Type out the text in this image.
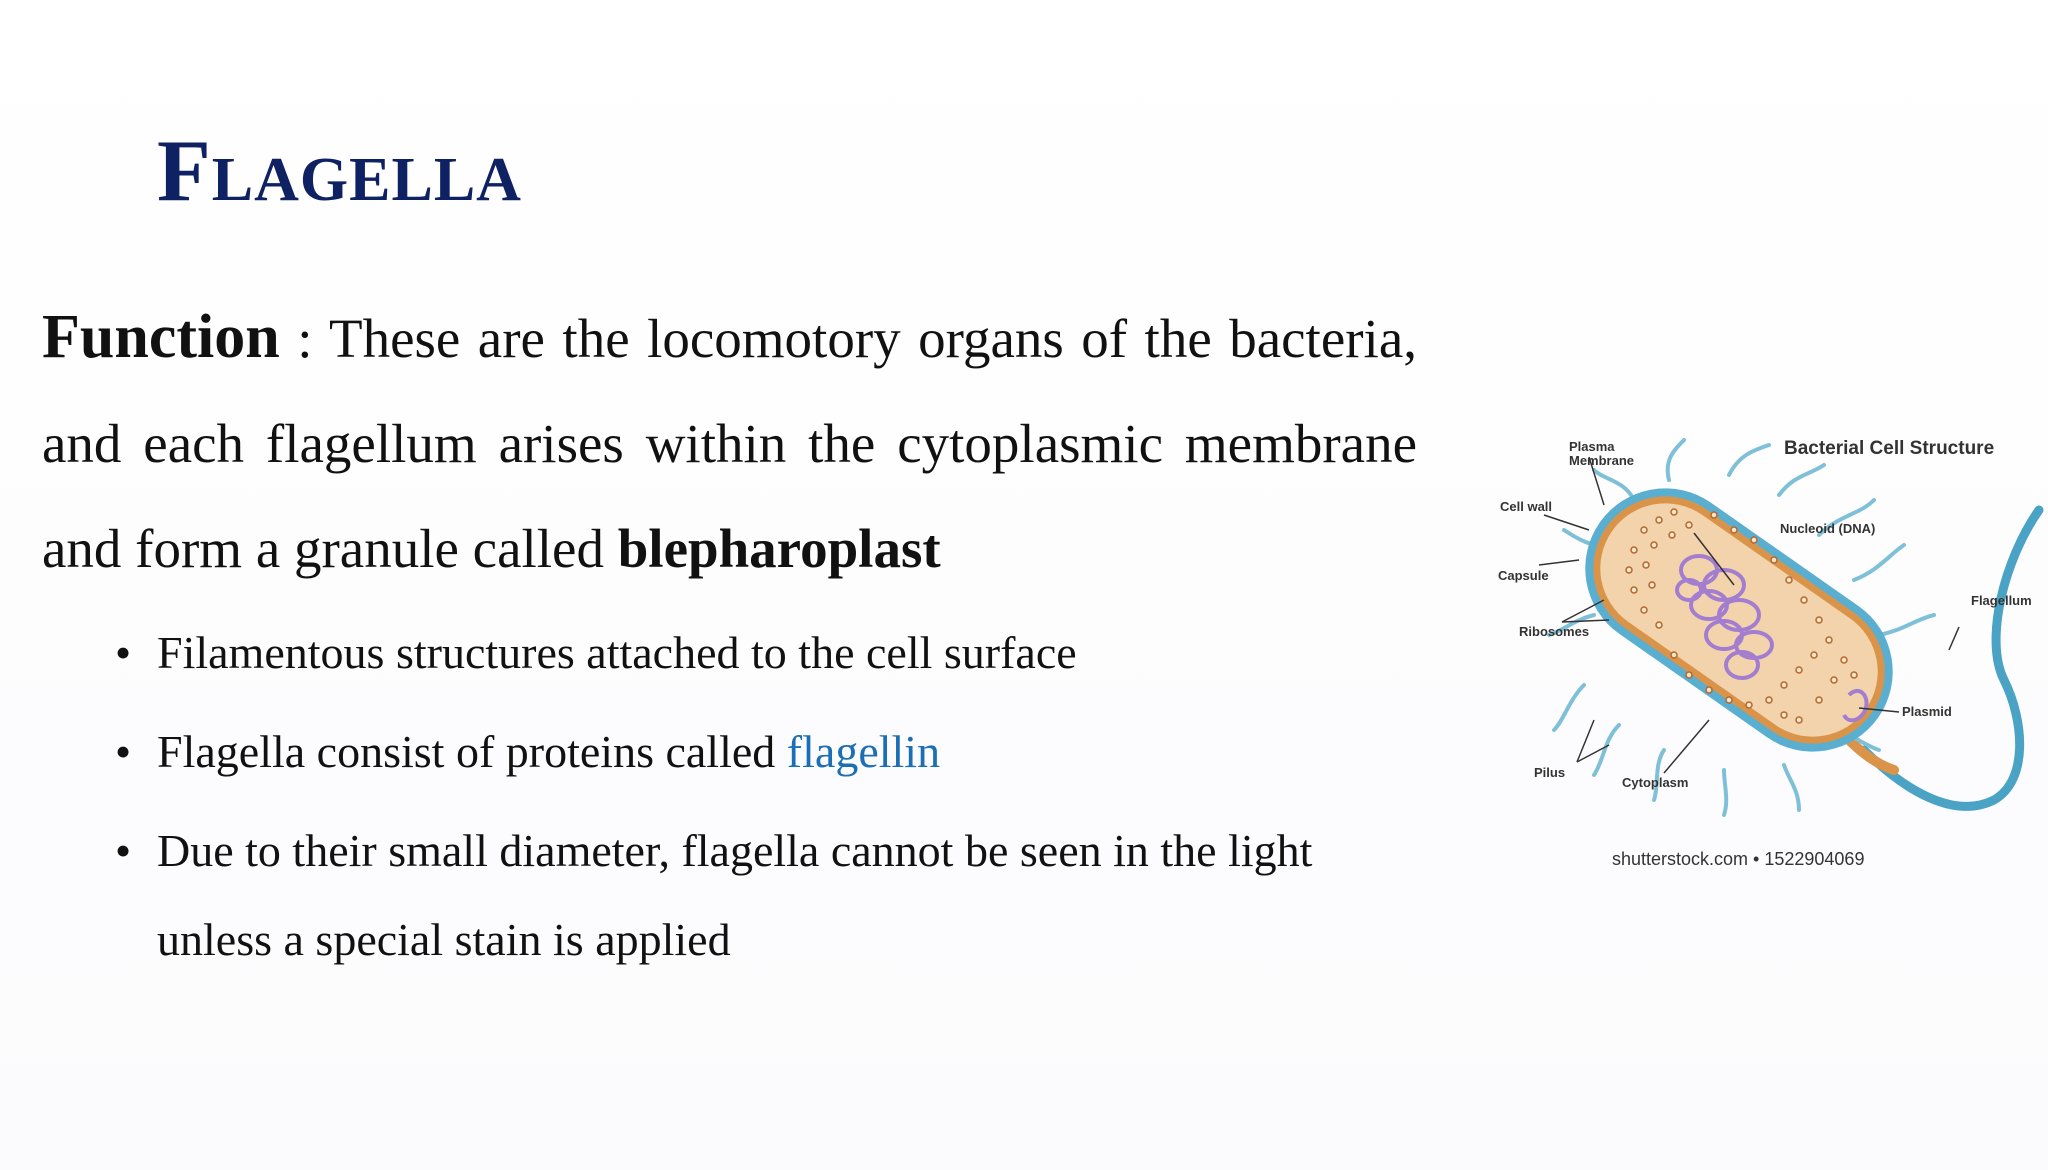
Flagella

Function : These are the locomotory organs of the bacteria, and each flagellum arises within the cytoplasmic membrane and form a granule called blepharoplast

• Filamentous structures attached to the cell surface
• Flagella consist of proteins called flagellin
• Due to their small diameter, flagella cannot be seen in the light unless a special stain is applied
Plasma
Membrane
Cell wall
Capsule
Ribosomes
Pilus
Cytoplasm
Nucleoid (DNA)
Flagellum
Plasmid
Bacterial Cell Structure
shutterstock.com • 1522904069
